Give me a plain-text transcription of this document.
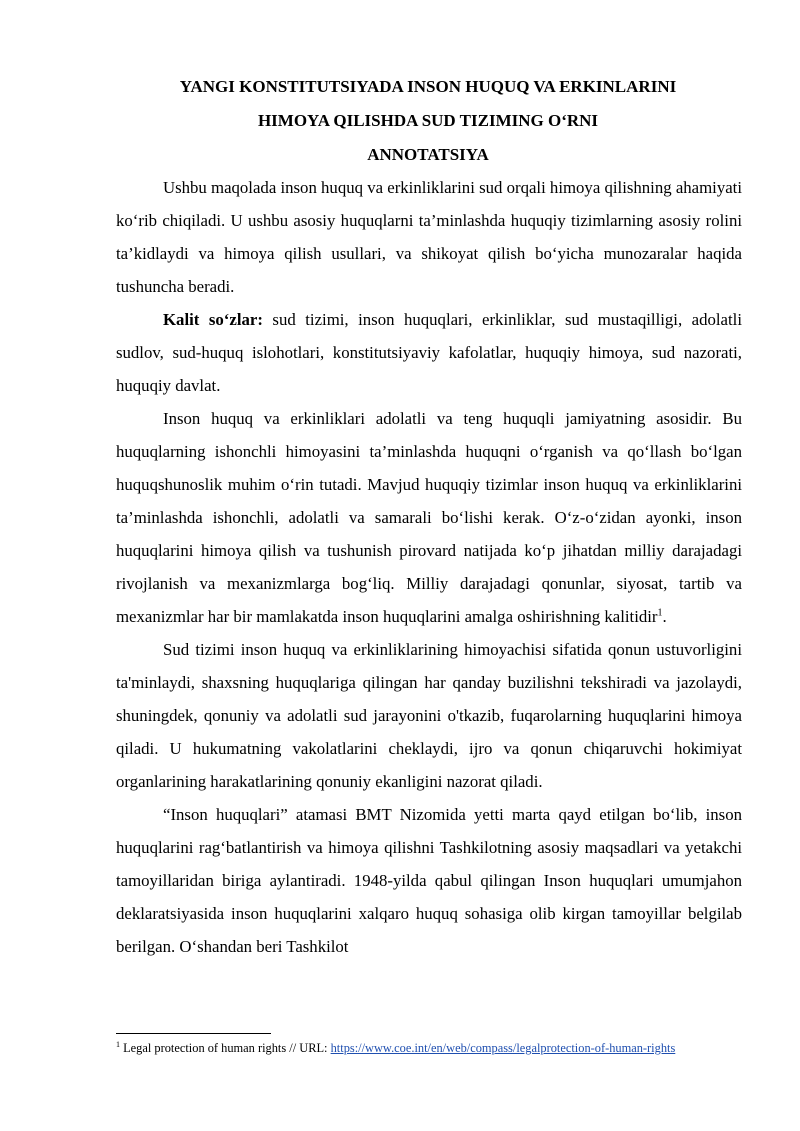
YANGI KONSTITUTSIYADA INSON HUQUQ VA ERKINLARINI
HIMOYA QILISHDA SUD TIZIMING O‘RNI
ANNOTATSIYA

Ushbu maqolada inson huquq va erkinliklarini sud orqali himoya qilishning ahamiyati ko‘rib chiqiladi. U ushbu asosiy huquqlarni ta’minlashda huquqiy tizimlarning asosiy rolini ta’kidlaydi va himoya qilish usullari, va shikoyat qilish bo‘yicha munozaralar haqida tushuncha beradi.

Kalit so‘zlar: sud tizimi, inson huquqlari, erkinliklar, sud mustaqilligi, adolatli sudlov, sud-huquq islohotlari, konstitutsiyaviy kafolatlar, huquqiy himoya, sud nazorati, huquqiy davlat.

Inson huquq va erkinliklari adolatli va teng huquqli jamiyatning asosidir. Bu huquqlarning ishonchli himoyasini ta’minlashda huquqni o‘rganish va qo‘llash bo‘lgan huquqshunoslik muhim o‘rin tutadi. Mavjud huquqiy tizimlar inson huquq va erkinliklarini ta’minlashda ishonchli, adolatli va samarali bo‘lishi kerak. O‘z-o‘zidan ayonki, inson huquqlarini himoya qilish va tushunish pirovard natijada ko‘p jihatdan milliy darajadagi rivojlanish va mexanizmlarga bog‘liq. Milliy darajadagi qonunlar, siyosat, tartib va mexanizmlar har bir mamlakatda inson huquqlarini amalga oshirishning kalitidir$^1$.

Sud tizimi inson huquq va erkinliklarining himoyachisi sifatida qonun ustuvorligini ta'minlaydi, shaxsning huquqlariga qilingan har qanday buzilishni tekshiradi va jazolaydi, shuningdek, qonuniy va adolatli sud jarayonini o'tkazib, fuqarolarning huquqlarini himoya qiladi. U hukumatning vakolatlarini cheklaydi, ijro va qonun chiqaruvchi hokimiyat organlarining harakatlarining qonuniy ekanligini nazorat qiladi.

“Inson huquqlari” atamasi BMT Nizomida yetti marta qayd etilgan bo‘lib, inson huquqlarini rag‘batlantirish va himoya qilishni Tashkilotning asosiy maqsadlari va yetakchi tamoyillaridan biriga aylantiradi. 1948-yilda qabul qilingan Inson huquqlari umumjahon deklaratsiyasida inson huquqlarini xalqaro huquq sohasiga olib kirgan tamoyillar belgilab berilgan. O‘shandan beri Tashkilot

$^1$ Legal protection of human rights // URL: https://www.coe.int/en/web/compass/legalprotection-of-human-rights
